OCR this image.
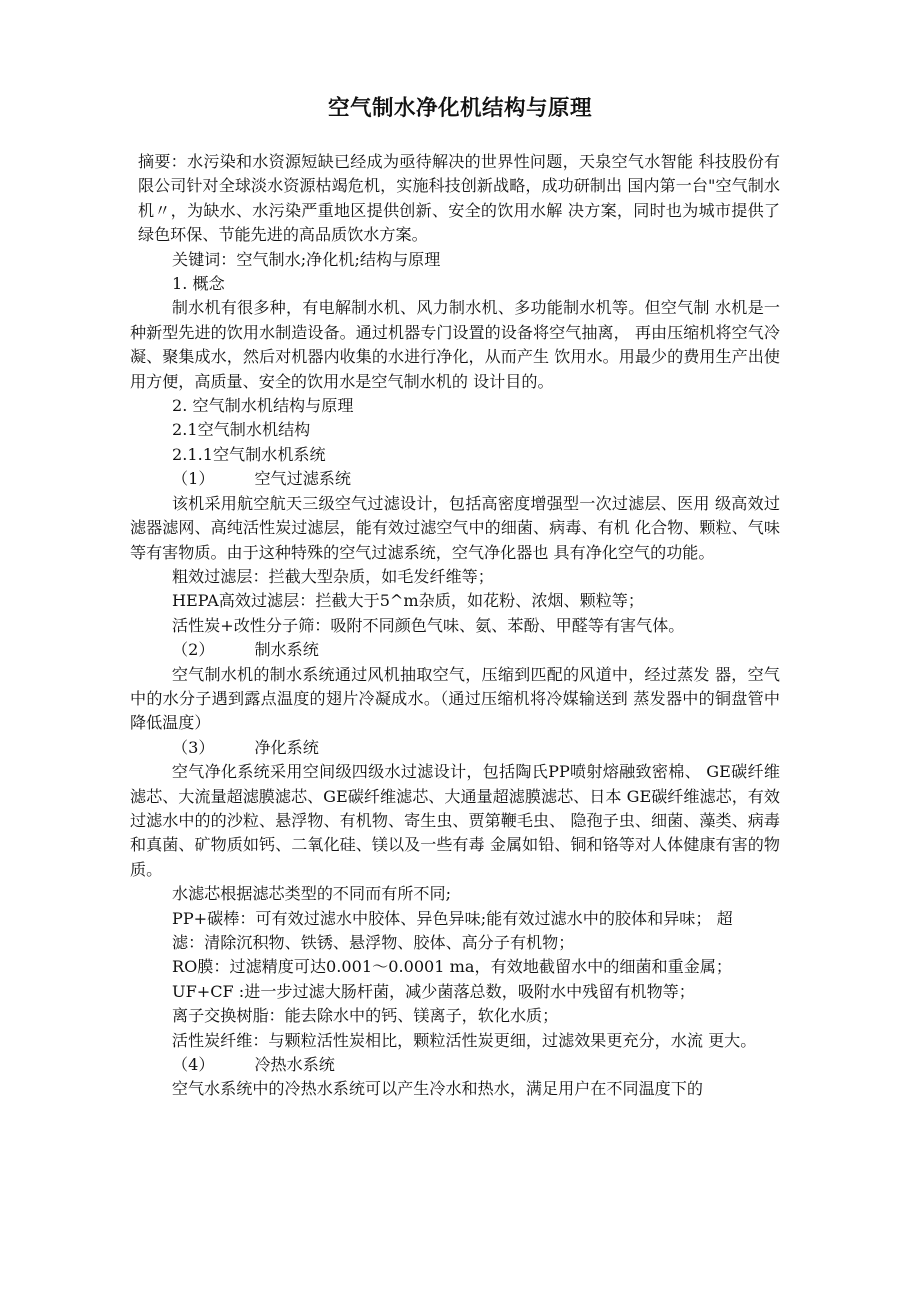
空气制水净化机结构与原理

摘要：水污染和水资源短缺已经成为亟待解决的世界性问题，天泉空气水智能 科技股份有限公司针对全球淡水资源枯竭危机，实施科技创新战略，成功研制出 国内第一台"空气制水机〃，为缺水、水污染严重地区提供创新、安全的饮用水解 决方案，同时也为城市提供了绿色环保、节能先进的高品质饮水方案。

关键词：空气制水;净化机;结构与原理

1. 概念

制水机有很多种，有电解制水机、风力制水机、多功能制水机等。但空气制 水机是一种新型先进的饮用水制造设备。通过机器专门设置的设备将空气抽离， 再由压缩机将空气冷凝、聚集成水，然后对机器内收集的水进行净化，从而产生 饮用水。用最少的费用生产出使用方便，高质量、安全的饮用水是空气制水机的 设计目的。

2. 空气制水机结构与原理

2.1空气制水机结构

2.1.1空气制水机系统

（1） 空气过滤系统

该机采用航空航天三级空气过滤设计，包括高密度增强型一次过滤层、医用 级高效过滤器滤网、高纯活性炭过滤层，能有效过滤空气中的细菌、病毒、有机 化合物、颗粒、气味等有害物质。由于这种特殊的空气过滤系统，空气净化器也 具有净化空气的功能。

粗效过滤层：拦截大型杂质，如毛发纤维等；

HEPA高效过滤层：拦截大于5^m杂质，如花粉、浓烟、颗粒等；

活性炭+改性分子筛：吸附不同颜色气味、氨、苯酚、甲醛等有害气体。

（2） 制水系统

空气制水机的制水系统通过风机抽取空气，压缩到匹配的风道中，经过蒸发 器，空气中的水分子遇到露点温度的翅片冷凝成水。（通过压缩机将冷媒输送到 蒸发器中的铜盘管中降低温度）

（3） 净化系统

空气净化系统采用空间级四级水过滤设计，包括陶氏PP喷射熔融致密棉、 GE碳纤维滤芯、大流量超滤膜滤芯、GE碳纤维滤芯、大通量超滤膜滤芯、日本 GE碳纤维滤芯，有效过滤水中的的沙粒、悬浮物、有机物、寄生虫、贾第鞭毛虫、 隐孢子虫、细菌、藻类、病毒和真菌、矿物质如钙、二氧化硅、镁以及一些有毒 金属如铅、铜和铬等对人体健康有害的物质。

水滤芯根据滤芯类型的不同而有所不同;

PP+碳棒：可有效过滤水中胶体、异色异味;能有效过滤水中的胶体和异味； 超
滤：清除沉积物、铁锈、悬浮物、胶体、高分子有机物；

RO膜：过滤精度可达0.001〜0.0001 ma，有效地截留水中的细菌和重金属；

UF+CF :进一步过滤大肠杆菌，减少菌落总数，吸附水中残留有机物等；

离子交换树脂：能去除水中的钙、镁离子，软化水质；

活性炭纤维：与颗粒活性炭相比，颗粒活性炭更细，过滤效果更充分，水流 更大。

（4） 冷热水系统

空气水系统中的冷热水系统可以产生冷水和热水，满足用户在不同温度下的
